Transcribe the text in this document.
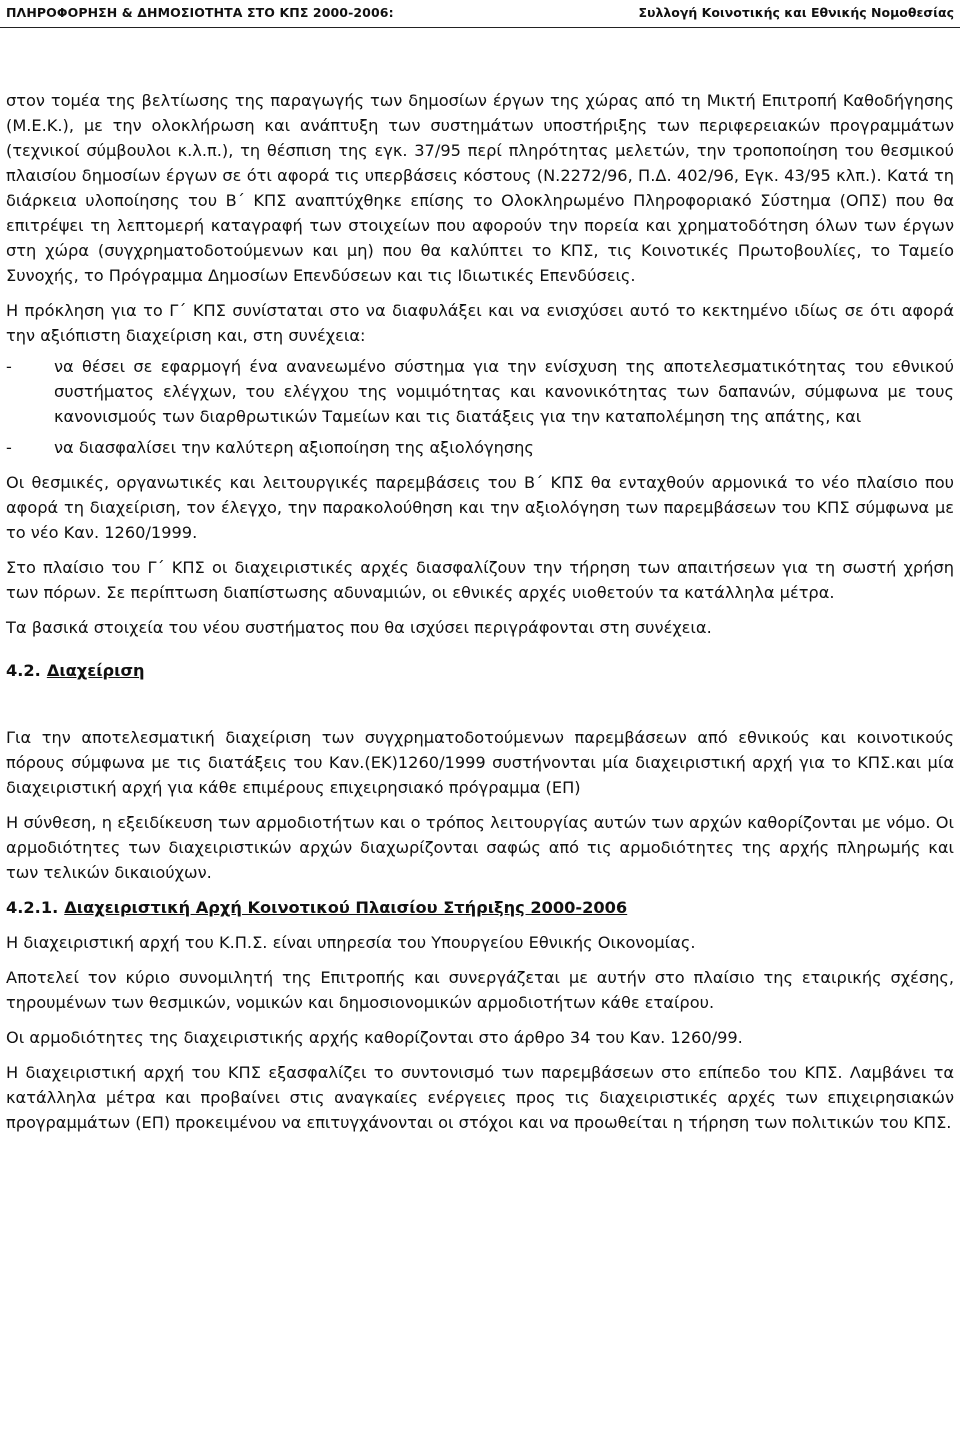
ΠΛΗΡΟΦΟΡΗΣΗ & ΔΗΜΟΣΙΟΤΗΤΑ ΣΤΟ ΚΠΣ 2000-2006:	Συλλογή Κοινοτικής και Εθνικής Νομοθεσίας

στον τομέα της βελτίωσης της παραγωγής των δημοσίων έργων της χώρας από τη Μικτή Επιτροπή Καθοδήγησης (Μ.Ε.Κ.), με την ολοκλήρωση και ανάπτυξη των συστημάτων υποστήριξης των περιφερειακών προγραμμάτων (τεχνικοί σύμβουλοι κ.λ.π.), τη θέσπιση της εγκ. 37/95 περί πληρότητας μελετών, την τροποποίηση του θεσμικού πλαισίου δημοσίων έργων σε ότι αφορά τις υπερβάσεις κόστους (Ν.2272/96, Π.Δ. 402/96, Εγκ. 43/95 κλπ.). Κατά τη διάρκεια υλοποίησης του Β΄ ΚΠΣ αναπτύχθηκε επίσης το Ολοκληρωμένο Πληροφοριακό Σύστημα (ΟΠΣ) που θα επιτρέψει τη λεπτομερή καταγραφή των στοιχείων που αφορούν την πορεία και χρηματοδότηση όλων των έργων στη χώρα (συγχρηματοδοτούμενων και μη) που θα καλύπτει το ΚΠΣ, τις Κοινοτικές Πρωτοβουλίες, το Ταμείο Συνοχής, το Πρόγραμμα Δημοσίων Επενδύσεων και τις Ιδιωτικές Επενδύσεις.

Η πρόκληση για το Γ΄ ΚΠΣ συνίσταται στο να διαφυλάξει και να ενισχύσει αυτό το κεκτημένο ιδίως σε ότι αφορά την αξιόπιστη διαχείριση και, στη συνέχεια:

-	να θέσει σε εφαρμογή ένα ανανεωμένο σύστημα για την ενίσχυση της αποτελεσματικότητας του εθνικού συστήματος ελέγχων, του ελέγχου της νομιμότητας και κανονικότητας των δαπανών, σύμφωνα με τους κανονισμούς των διαρθρωτικών Ταμείων και τις διατάξεις για την καταπολέμηση της απάτης, και
-	να διασφαλίσει την καλύτερη αξιοποίηση της αξιολόγησης

Οι θεσμικές, οργανωτικές και λειτουργικές παρεμβάσεις του Β΄ ΚΠΣ θα ενταχθούν αρμονικά το νέο πλαίσιο που αφορά τη διαχείριση, τον έλεγχο, την παρακολούθηση και την αξιολόγηση των παρεμβάσεων του ΚΠΣ σύμφωνα με το νέο Καν. 1260/1999.

Στο πλαίσιο του Γ΄ ΚΠΣ οι διαχειριστικές αρχές διασφαλίζουν την τήρηση των απαιτήσεων για τη σωστή χρήση των πόρων. Σε περίπτωση διαπίστωσης αδυναμιών, οι εθνικές αρχές υιοθετούν τα κατάλληλα μέτρα.

Τα βασικά στοιχεία του νέου συστήματος που θα ισχύσει περιγράφονται στη συνέχεια.

4.2. Διαχείριση

Για την αποτελεσματική διαχείριση των συγχρηματοδοτούμενων παρεμβάσεων από εθνικούς και κοινοτικούς πόρους σύμφωνα με τις διατάξεις του Καν.(ΕΚ)1260/1999 συστήνονται μία διαχειριστική αρχή για το ΚΠΣ.και μία διαχειριστική αρχή για κάθε επιμέρους επιχειρησιακό πρόγραμμα (ΕΠ)

Η σύνθεση, η εξειδίκευση των αρμοδιοτήτων και ο τρόπος λειτουργίας αυτών των αρχών καθορίζονται με νόμο. Οι αρμοδιότητες των διαχειριστικών αρχών διαχωρίζονται σαφώς από τις αρμοδιότητες της αρχής πληρωμής και των τελικών δικαιούχων.

4.2.1. Διαχειριστική Αρχή Κοινοτικού Πλαισίου Στήριξης 2000-2006

Η διαχειριστική αρχή του Κ.Π.Σ. είναι υπηρεσία του Υπουργείου Εθνικής Οικονομίας.

Αποτελεί τον κύριο συνομιλητή της Επιτροπής και συνεργάζεται με αυτήν στο πλαίσιο της εταιρικής σχέσης, τηρουμένων των θεσμικών, νομικών και δημοσιονομικών αρμοδιοτήτων κάθε εταίρου.

Οι αρμοδιότητες της διαχειριστικής αρχής καθορίζονται στο άρθρο 34 του Καν. 1260/99.

Η διαχειριστική αρχή του ΚΠΣ εξασφαλίζει το συντονισμό των παρεμβάσεων στο επίπεδο του ΚΠΣ. Λαμβάνει τα κατάλληλα μέτρα και προβαίνει στις αναγκαίες ενέργειες προς τις διαχειριστικές αρχές των επιχειρησιακών προγραμμάτων (ΕΠ) προκειμένου να επιτυγχάνονται οι στόχοι και να προωθείται η τήρηση των πολιτικών του ΚΠΣ.
